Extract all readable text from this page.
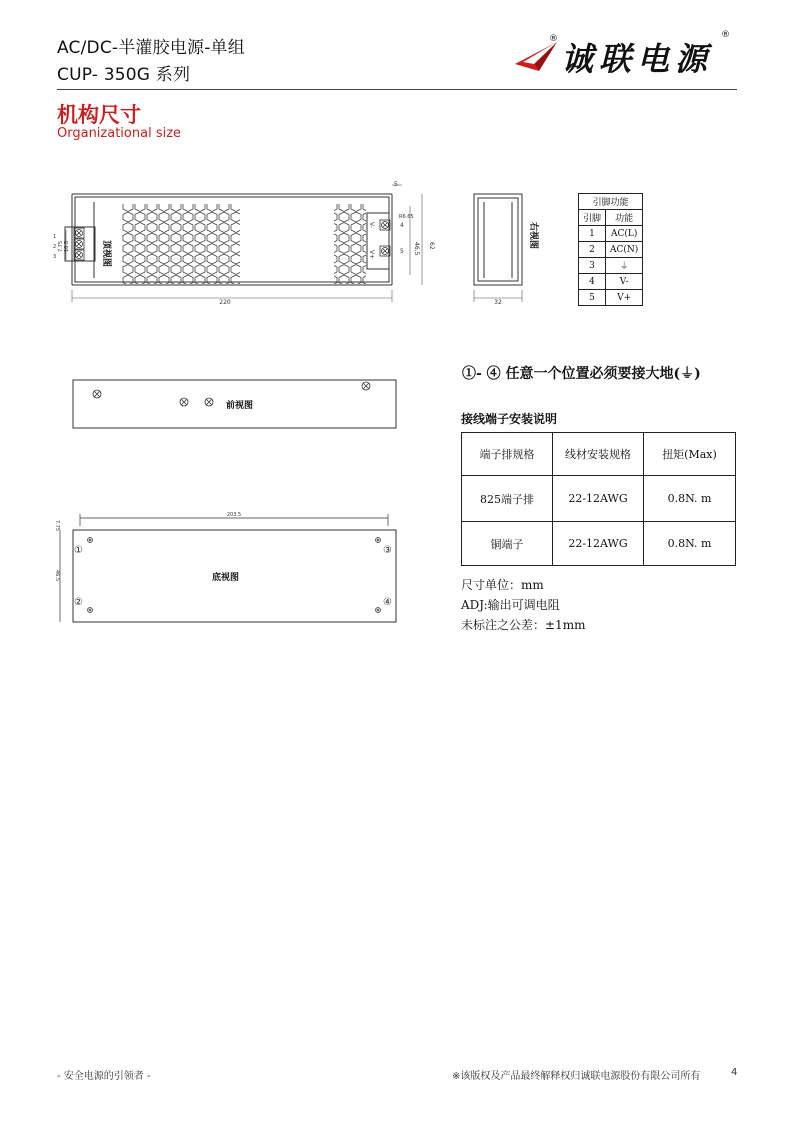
AC/DC-半灌胶电源-单组
CUP- 350G 系列	诚联电源
®	®
机构尺寸
Organizational size
220
5
62
46.5
R6.65
1
2
3
7.75 16.5
4
5
V-
V+
顶视图
32
右视图
引脚功能	
引脚	功能
1	AC(L)
2	AC(N)
3	⏚
4	V-
5	V+
①- ④ 任意一个位置必须要接大地(⏚)
前视图
接线端子安装说明
端子排规格	线材安装规格	扭矩(Max)
825端子排	22-12AWG	0.8N. m
铜端子	22-12AWG	0.8N. m
203.5
7.75
46.5
①
②
③
④
底视图	尺寸单位：mm
ADJ:输出可调电阻
未标注之公差：±1mm
- 安全电源的引领者 -	※该版权及产品最终解释权归诚联电源股份有限公司所有	4
